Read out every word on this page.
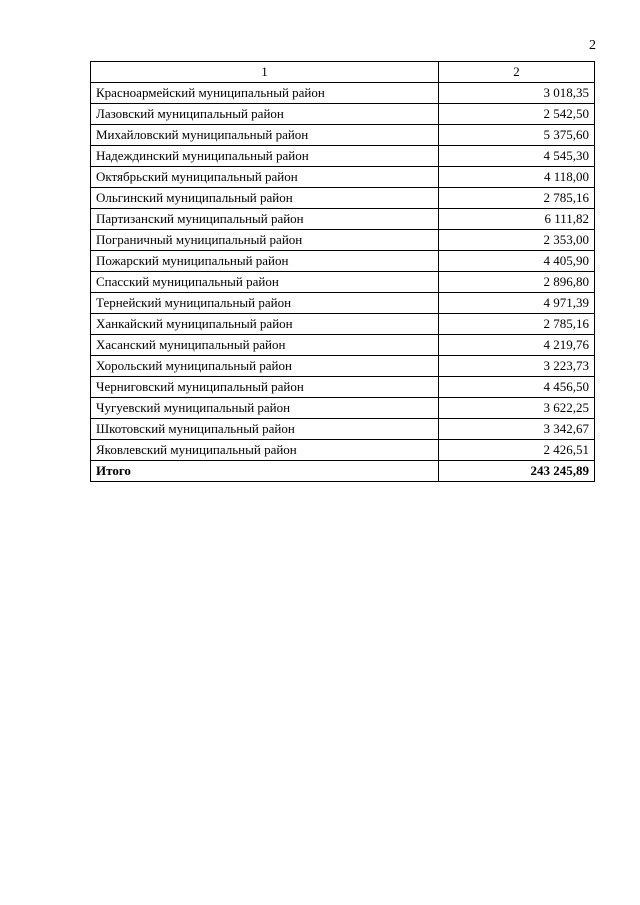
2
1	2
Красноармейский муниципальный район	3 018,35
Лазовский муниципальный район	2 542,50
Михайловский муниципальный район	5 375,60
Надеждинский муниципальный район	4 545,30
Октябрьский муниципальный район	4 118,00
Ольгинский муниципальный район	2 785,16
Партизанский муниципальный район	6 111,82
Пограничный муниципальный район	2 353,00
Пожарский муниципальный район	4 405,90
Спасский муниципальный район	2 896,80
Тернейский муниципальный район	4 971,39
Ханкайский муниципальный район	2 785,16
Хасанский муниципальный район	4 219,76
Хорольский муниципальный район	3 223,73
Черниговский муниципальный район	4 456,50
Чугуевский муниципальный район	3 622,25
Шкотовский муниципальный район	3 342,67
Яковлевский муниципальный район	2 426,51
Итого	243 245,89
